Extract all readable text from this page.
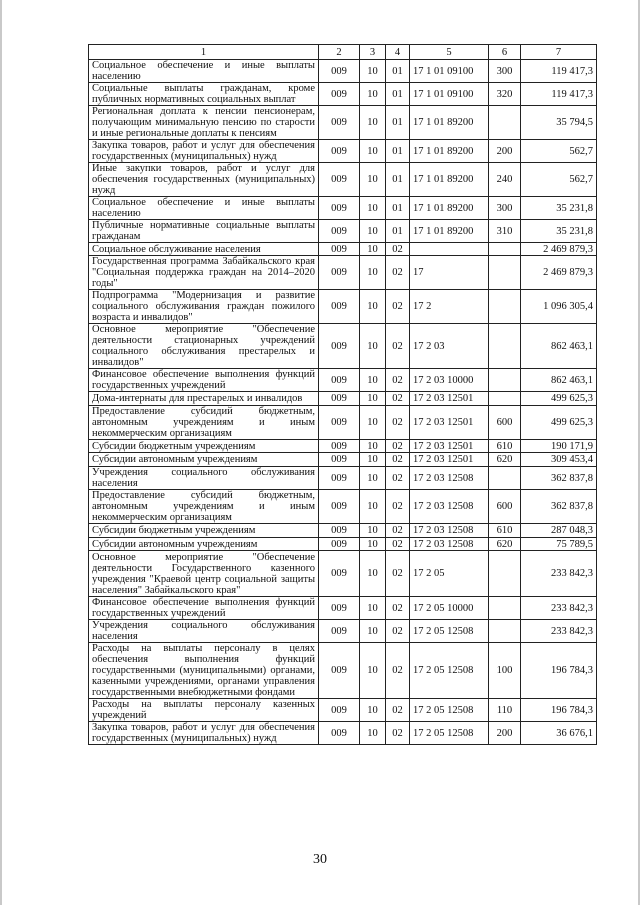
1	2	3	4	5	6	7
Социальное обеспечение и иные выплаты населению	009	10	01	17 1 01 09100	300	119 417,3
Социальные выплаты гражданам, кроме публичных нормативных социальных выплат	009	10	01	17 1 01 09100	320	119 417,3
Региональная доплата к пенсии пенсионерам, получающим минимальную пенсию по старости и иные региональные доплаты к пенсиям	009	10	01	17 1 01 89200		35 794,5
Закупка товаров, работ и услуг для обеспечения государственных (муниципальных) нужд	009	10	01	17 1 01 89200	200	562,7
Иные закупки товаров, работ и услуг для обеспечения государственных (муниципальных) нужд	009	10	01	17 1 01 89200	240	562,7
Социальное обеспечение и иные выплаты населению	009	10	01	17 1 01 89200	300	35 231,8
Публичные нормативные социальные выплаты гражданам	009	10	01	17 1 01 89200	310	35 231,8
Социальное обслуживание населения	009	10	02			2 469 879,3
Государственная программа Забайкальского края "Социальная поддержка граждан на 2014–2020 годы"	009	10	02	17		2 469 879,3
Подпрограмма "Модернизация и развитие социального обслуживания граждан пожилого возраста и инвалидов"	009	10	02	17 2		1 096 305,4
Основное мероприятие "Обеспечение деятельности стационарных учреждений социального обслуживания престарелых и инвалидов"	009	10	02	17 2 03		862 463,1
Финансовое обеспечение выполнения функций государственных учреждений	009	10	02	17 2 03 10000		862 463,1
Дома-интернаты для престарелых и инвалидов	009	10	02	17 2 03 12501		499 625,3
Предоставление субсидий бюджетным, автономным учреждениям и иным некоммерческим организациям	009	10	02	17 2 03 12501	600	499 625,3
Субсидии бюджетным учреждениям	009	10	02	17 2 03 12501	610	190 171,9
Субсидии автономным учреждениям	009	10	02	17 2 03 12501	620	309 453,4
Учреждения социального обслуживания населения	009	10	02	17 2 03 12508		362 837,8
Предоставление субсидий бюджетным, автономным учреждениям и иным некоммерческим организациям	009	10	02	17 2 03 12508	600	362 837,8
Субсидии бюджетным учреждениям	009	10	02	17 2 03 12508	610	287 048,3
Субсидии автономным учреждениям	009	10	02	17 2 03 12508	620	75 789,5
Основное мероприятие "Обеспечение деятельности Государственного казенного учреждения "Краевой центр социальной защиты населения" Забайкальского края"	009	10	02	17 2 05		233 842,3
Финансовое обеспечение выполнения функций государственных учреждений	009	10	02	17 2 05 10000		233 842,3
Учреждения социального обслуживания населения	009	10	02	17 2 05 12508		233 842,3
Расходы на выплаты персоналу в целях обеспечения выполнения функций государственными (муниципальными) органами, казенными учреждениями, органами управления государственными внебюджетными фондами	009	10	02	17 2 05 12508	100	196 784,3
Расходы на выплаты персоналу казенных учреждений	009	10	02	17 2 05 12508	110	196 784,3
Закупка товаров, работ и услуг для обеспечения государственных (муниципальных) нужд	009	10	02	17 2 05 12508	200	36 676,1
30
